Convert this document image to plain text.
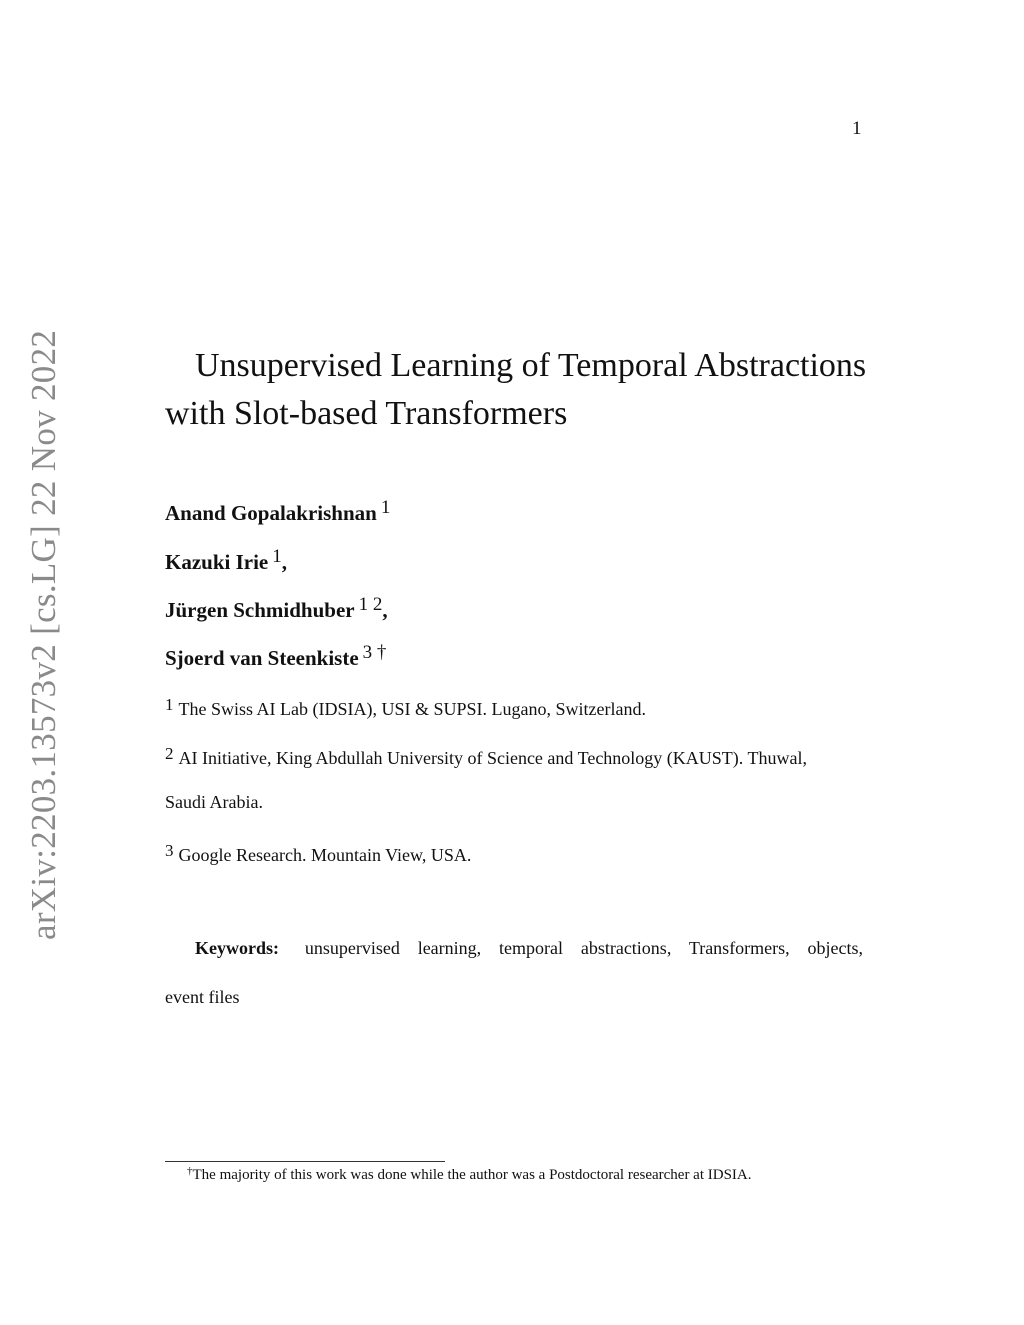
1
arXiv:2203.13573v2 [cs.LG] 22 Nov 2022	Unsupervised Learning of Temporal Abstractions with Slot-based Transformers
Anand Gopalakrishnan $^1$
Kazuki Irie $^1$,
Jürgen Schmidhuber $^{1 2}$,
Sjoerd van Steenkiste $^{3 \dagger}$
$^1$ The Swiss AI Lab (IDSIA), USI & SUPSI. Lugano, Switzerland.
$^2$ AI Initiative, King Abdullah University of Science and Technology (KAUST). Thuwal,
Saudi Arabia.
$^3$ Google Research. Mountain View, USA.
Keywords: unsupervised learning, temporal abstractions, Transformers, objects,
event files
†The majority of this work was done while the author was a Postdoctoral researcher at IDSIA.
